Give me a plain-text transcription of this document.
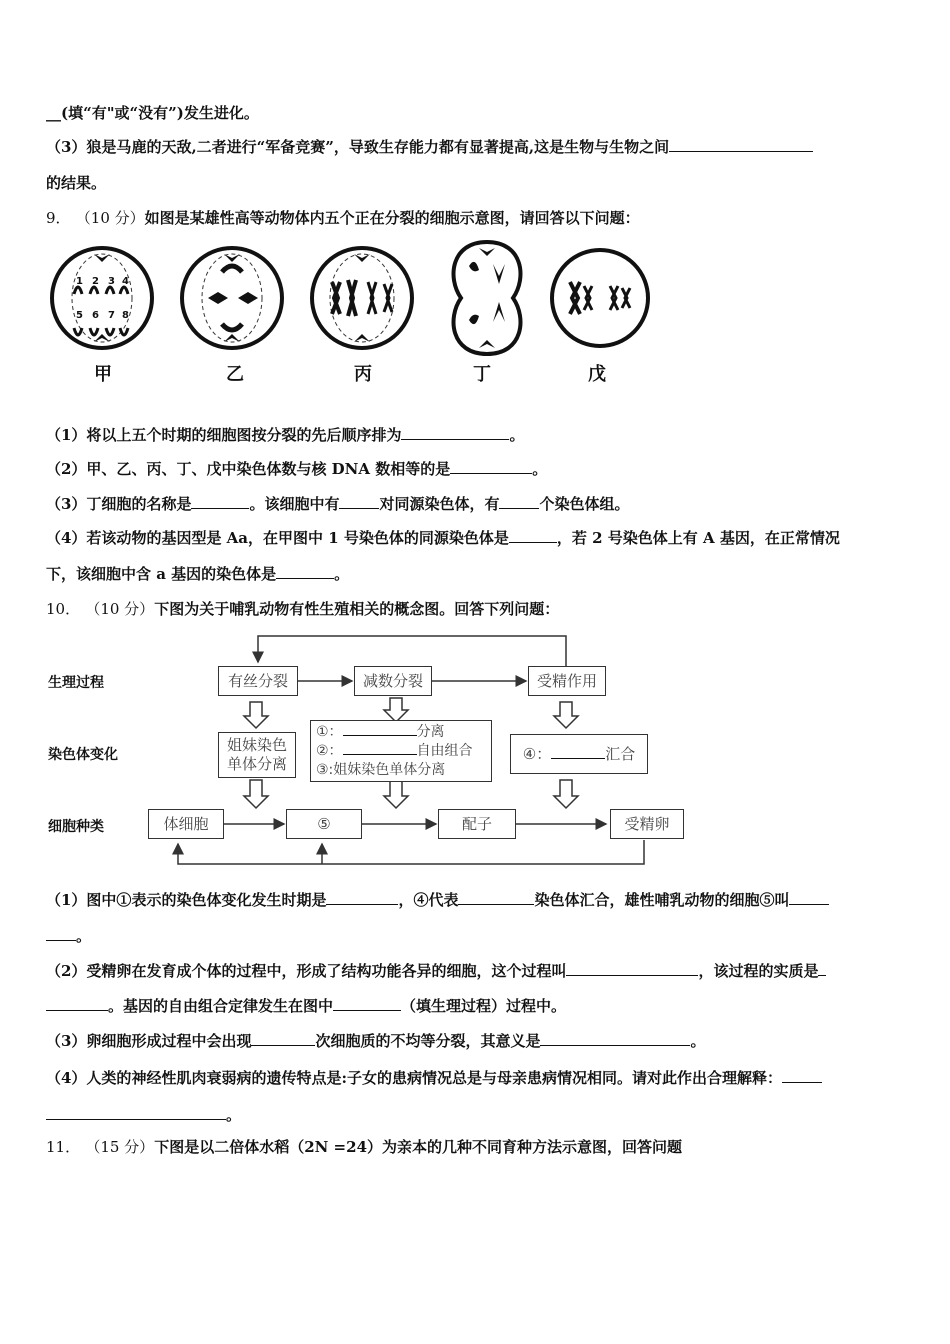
__(填“有"或“没有”)发生进化。
（3）狼是马鹿的天敌,二者进行“军备竞赛”，导致生存能力都有显著提高,这是生物与生物之间
的结果。
9． （10 分）如图是某雄性高等动物体内五个正在分裂的细胞示意图，请回答以下问题：
1 2 3 4
5 6 7 8
甲	乙	丙	丁	戊
（1）将以上五个时期的细胞图按分裂的先后顺序排为	。
（2）甲、乙、丙、丁、戊中染色体数与核 DNA 数相等的是	。
（3）丁细胞的名称是	。该细胞中有	对同源染色体，有	个染色体组。
（4）若该动物的基因型是 Aa，在甲图中 1 号染色体的同源染色体是	，若 2 号染色体上有 A 基因，在正常情况
下，该细胞中含 a 基因的染色体是	。
10． （10 分）下图为关于哺乳动物有性生殖相关的概念图。回答下列问题：
生理过程
染色体变化
细胞种类
有丝分裂	减数分裂	受精作用
姐妹染色
单体分离
①：	分离
②：	自由组合
③:姐妹染色单体分离
④：	汇合
体细胞	⑤	配子	受精卵
（1）图中①表示的染色体变化发生时期是	，④代表	染色体汇合，雄性哺乳动物的细胞⑤叫
。
（2）受精卵在发育成个体的过程中，形成了结构功能各异的细胞，这个过程叫	，该过程的实质是
。基因的自由组合定律发生在图中	（填生理过程）过程中。
（3）卵细胞形成过程中会出现	次细胞质的不均等分裂，其意义是	。
（4）人类的神经性肌肉衰弱病的遗传特点是:子女的患病情况总是与母亲患病情况相同。请对此作出合理解释：
。
11． （15 分）下图是以二倍体水稻（2N =24）为亲本的几种不同育种方法示意图，回答问题
